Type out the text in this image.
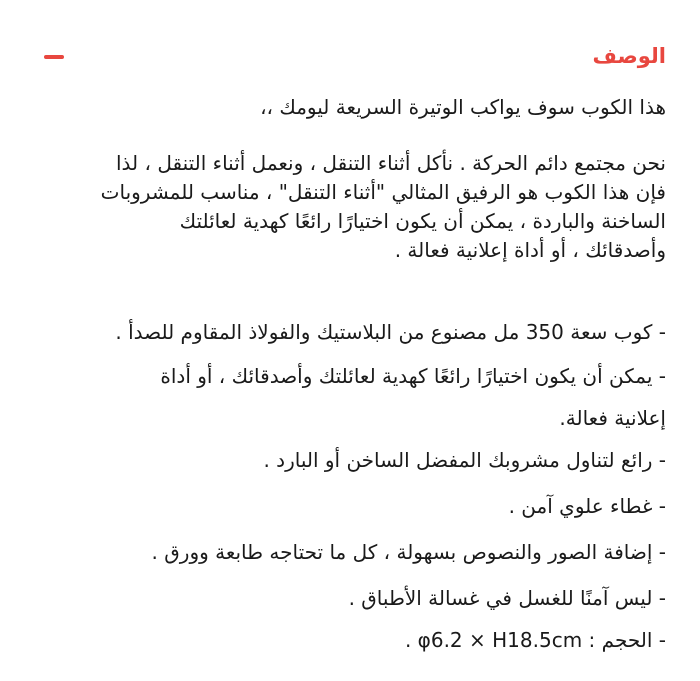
الوصف
هذا الكوب سوف يواكب الوتيرة السريعة ليومك ،،
نحن مجتمع دائم الحركة . نأكل أثناء التنقل ، ونعمل أثناء التنقل ، لذا
فإن هذا الكوب هو الرفيق المثالي "أثناء التنقل" ، مناسب للمشروبات
الساخنة والباردة ، يمكن أن يكون اختيارًا رائعًا كهدية لعائلتك
وأصدقائك ، أو أداة إعلانية فعالة .
- كوب سعة 350 مل مصنوع من البلاستيك والفولاذ المقاوم للصدأ .
- يمكن أن يكون اختيارًا رائعًا كهدية لعائلتك وأصدقائك ، أو أداة
إعلانية فعالة.
- رائع لتناول مشروبك المفضل الساخن أو البارد .
- غطاء علوي آمن .
- إضافة الصور والنصوص بسهولة ، كل ما تحتاجه طابعة وورق .
- ليس آمنًا للغسل في غسالة الأطباق .
- الحجم : φ6.2 × H18.5cm .
